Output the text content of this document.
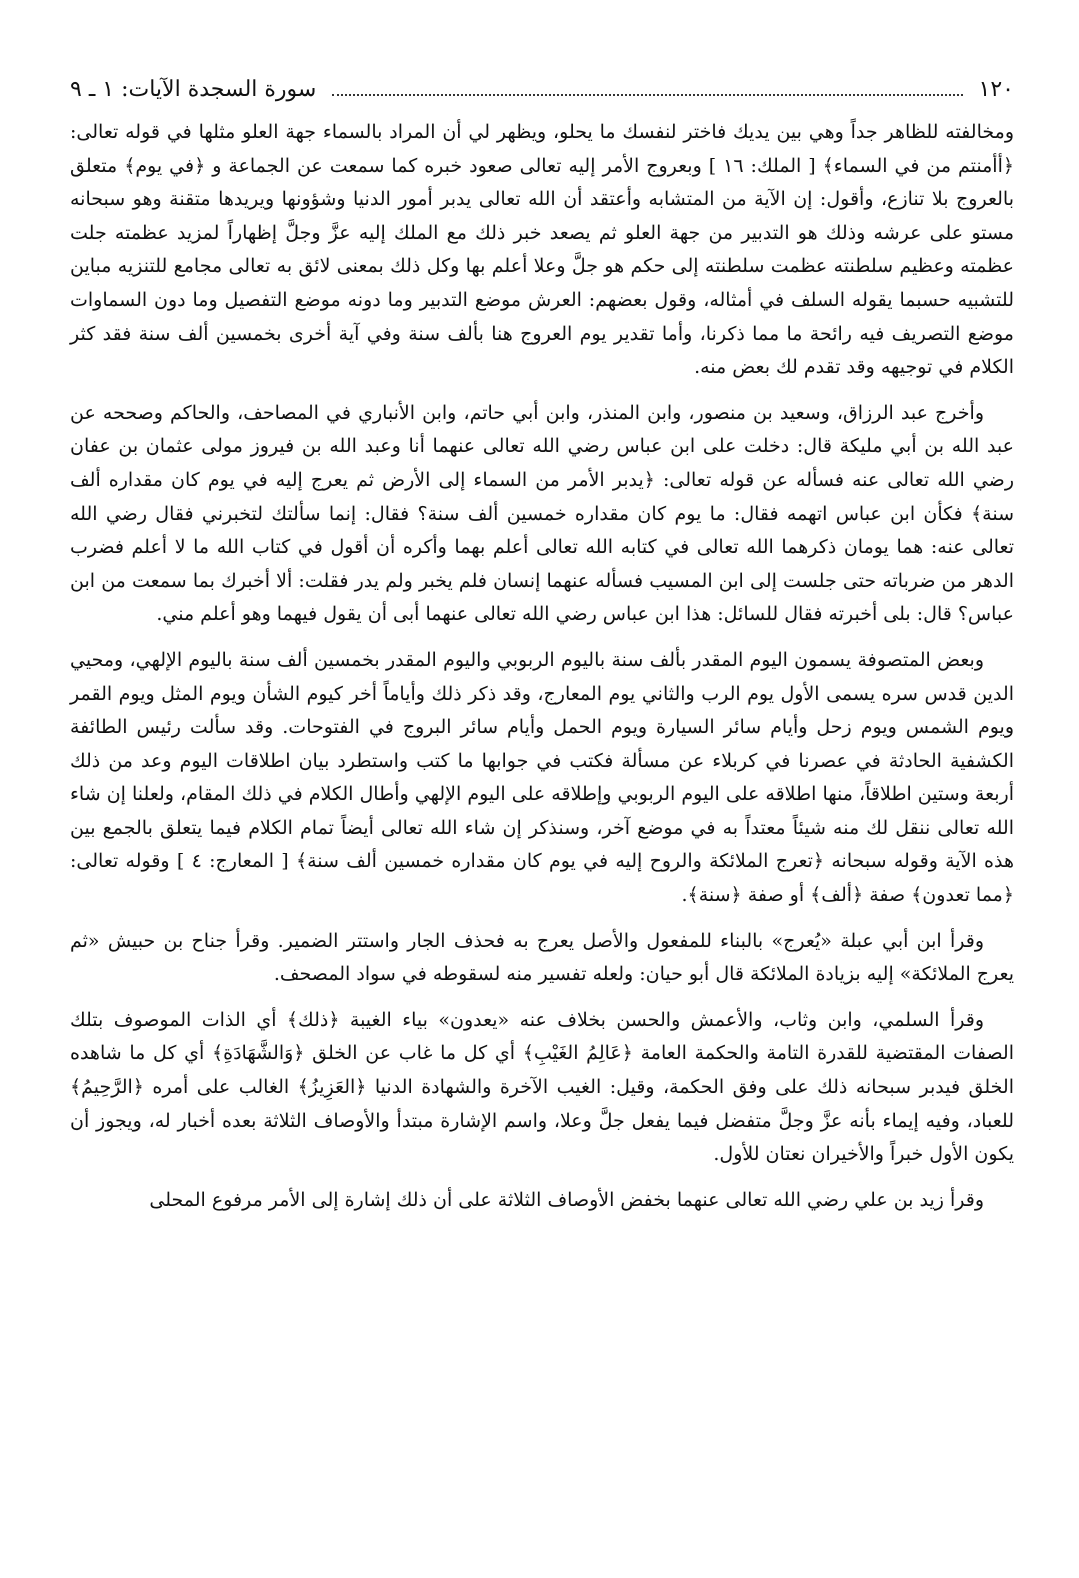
١٢٠
سورة السجدة الآيات: ١ ـ ٩

ومخالفته للظاهر جداً وهي بين يديك فاختر لنفسك ما يحلو، ويظهر لي أن المراد بالسماء جهة العلو مثلها في قوله تعالى: ﴿أأمنتم من في السماء﴾ [ الملك: ١٦ ] وبعروج الأمر إليه تعالى صعود خبره كما سمعت عن الجماعة و ﴿في يوم﴾ متعلق بالعروج بلا تنازع، وأقول: إن الآية من المتشابه وأعتقد أن الله تعالى يدبر أمور الدنيا وشؤونها ويريدها متقنة وهو سبحانه مستو على عرشه وذلك هو التدبير من جهة العلو ثم يصعد خبر ذلك مع الملك إليه عزَّ وجلَّ إظهاراً لمزيد عظمته جلت عظمته وعظيم سلطنته عظمت سلطنته إلى حكم هو جلَّ وعلا أعلم بها وكل ذلك بمعنى لائق به تعالى مجامع للتنزيه مباين للتشبيه حسبما يقوله السلف في أمثاله، وقول بعضهم: العرش موضع التدبير وما دونه موضع التفصيل وما دون السماوات موضع التصريف فيه رائحة ما مما ذكرنا، وأما تقدير يوم العروج هنا بألف سنة وفي آية أخرى بخمسين ألف سنة فقد كثر الكلام في توجيهه وقد تقدم لك بعض منه.

وأخرج عبد الرزاق، وسعيد بن منصور، وابن المنذر، وابن أبي حاتم، وابن الأنباري في المصاحف، والحاكم وصححه عن عبد الله بن أبي مليكة قال: دخلت على ابن عباس رضي الله تعالى عنهما أنا وعبد الله بن فيروز مولى عثمان بن عفان رضي الله تعالى عنه فسأله عن قوله تعالى: ﴿يدبر الأمر من السماء إلى الأرض ثم يعرج إليه في يوم كان مقداره ألف سنة﴾ فكأن ابن عباس اتهمه فقال: ما يوم كان مقداره خمسين ألف سنة؟ فقال: إنما سألتك لتخبرني فقال رضي الله تعالى عنه: هما يومان ذكرهما الله تعالى في كتابه الله تعالى أعلم بهما وأكره أن أقول في كتاب الله ما لا أعلم فضرب الدهر من ضرباته حتى جلست إلى ابن المسيب فسأله عنهما إنسان فلم يخبر ولم يدر فقلت: ألا أخبرك بما سمعت من ابن عباس؟ قال: بلى أخبرته فقال للسائل: هذا ابن عباس رضي الله تعالى عنهما أبى أن يقول فيهما وهو أعلم مني.

وبعض المتصوفة يسمون اليوم المقدر بألف سنة باليوم الربوبي واليوم المقدر بخمسين ألف سنة باليوم الإلهي، ومحيي الدين قدس سره يسمى الأول يوم الرب والثاني يوم المعارج، وقد ذكر ذلك وأياماً أخر كيوم الشأن ويوم المثل ويوم القمر ويوم الشمس ويوم زحل وأيام سائر السيارة ويوم الحمل وأيام سائر البروج في الفتوحات. وقد سألت رئيس الطائفة الكشفية الحادثة في عصرنا في كربلاء عن مسألة فكتب في جوابها ما كتب واستطرد بيان اطلاقات اليوم وعد من ذلك أربعة وستين اطلاقاً، منها اطلاقه على اليوم الربوبي وإطلاقه على اليوم الإلهي وأطال الكلام في ذلك المقام، ولعلنا إن شاء الله تعالى ننقل لك منه شيئاً معتداً به في موضع آخر، وسنذكر إن شاء الله تعالى أيضاً تمام الكلام فيما يتعلق بالجمع بين هذه الآية وقوله سبحانه ﴿تعرج الملائكة والروح إليه في يوم كان مقداره خمسين ألف سنة﴾ [ المعارج: ٤ ] وقوله تعالى: ﴿مما تعدون﴾ صفة ﴿ألف﴾ أو صفة ﴿سنة﴾.

وقرأ ابن أبي عبلة «يُعرج» بالبناء للمفعول والأصل يعرج به فحذف الجار واستتر الضمير. وقرأ جناح بن حبيش «ثم يعرج الملائكة» إليه بزيادة الملائكة قال أبو حيان: ولعله تفسير منه لسقوطه في سواد المصحف.

وقرأ السلمي، وابن وثاب، والأعمش والحسن بخلاف عنه «يعدون» بياء الغيبة ﴿ذلك﴾ أي الذات الموصوف بتلك الصفات المقتضية للقدرة التامة والحكمة العامة ﴿عَالِمُ الغَيْبِ﴾ أي كل ما غاب عن الخلق ﴿وَالشَّهَادَةِ﴾ أي كل ما شاهده الخلق فيدبر سبحانه ذلك على وفق الحكمة، وقيل: الغيب الآخرة والشهادة الدنيا ﴿العَزِيزُ﴾ الغالب على أمره ﴿الرَّحِيمُ﴾ للعباد، وفيه إيماء بأنه عزَّ وجلَّ متفضل فيما يفعل جلَّ وعلا، واسم الإشارة مبتدأ والأوصاف الثلاثة بعده أخبار له، ويجوز أن يكون الأول خبراً والأخيران نعتان للأول.

وقرأ زيد بن علي رضي الله تعالى عنهما بخفض الأوصاف الثلاثة على أن ذلك إشارة إلى الأمر مرفوع المحلى
